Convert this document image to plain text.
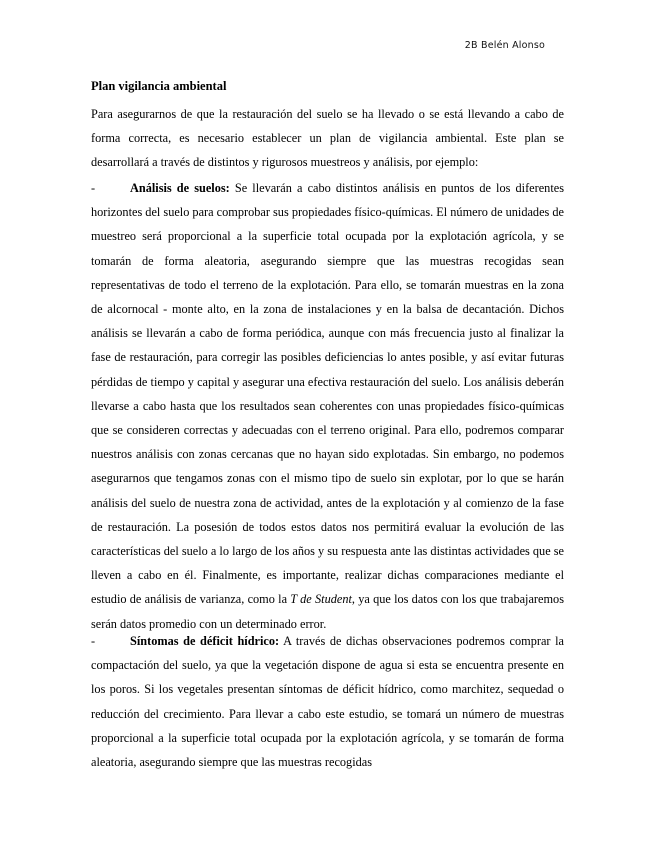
2B Belén Alonso
Plan vigilancia ambiental

Para asegurarnos de que la restauración del suelo se ha llevado o se está llevando a cabo de forma correcta, es necesario establecer un plan de vigilancia ambiental. Este plan se desarrollará a través de distintos y rigurosos muestreos y análisis, por ejemplo:

-	Análisis de suelos: Se llevarán a cabo distintos análisis en puntos de los diferentes horizontes del suelo para comprobar sus propiedades físico-químicas. El número de unidades de muestreo será proporcional a la superficie total ocupada por la explotación agrícola, y se tomarán de forma aleatoria, asegurando siempre que las muestras recogidas sean representativas de todo el terreno de la explotación. Para ello, se tomarán muestras en la zona de alcornocal - monte alto, en la zona de instalaciones y en la balsa de decantación. Dichos análisis se llevarán a cabo de forma periódica, aunque con más frecuencia justo al finalizar la fase de restauración, para corregir las posibles deficiencias lo antes posible, y así evitar futuras pérdidas de tiempo y capital y asegurar una efectiva restauración del suelo. Los análisis deberán llevarse a cabo hasta que los resultados sean coherentes con unas propiedades físico-químicas que se consideren correctas y adecuadas con el terreno original. Para ello, podremos comparar nuestros análisis con zonas cercanas que no hayan sido explotadas. Sin embargo, no podemos asegurarnos que tengamos zonas con el mismo tipo de suelo sin explotar, por lo que se harán análisis del suelo de nuestra zona de actividad, antes de la explotación y al comienzo de la fase de restauración. La posesión de todos estos datos nos permitirá evaluar la evolución de las características del suelo a lo largo de los años y su respuesta ante las distintas actividades que se lleven a cabo en él. Finalmente, es importante, realizar dichas comparaciones mediante el estudio de análisis de varianza, como la T de Student, ya que los datos con los que trabajaremos serán datos promedio con un determinado error.

-	Síntomas de déficit hídrico: A través de dichas observaciones podremos comprar la compactación del suelo, ya que la vegetación dispone de agua si esta se encuentra presente en los poros. Si los vegetales presentan síntomas de déficit hídrico, como marchitez, sequedad o reducción del crecimiento. Para llevar a cabo este estudio, se tomará un número de muestras proporcional a la superficie total ocupada por la explotación agrícola, y se tomarán de forma aleatoria, asegurando siempre que las muestras recogidas
